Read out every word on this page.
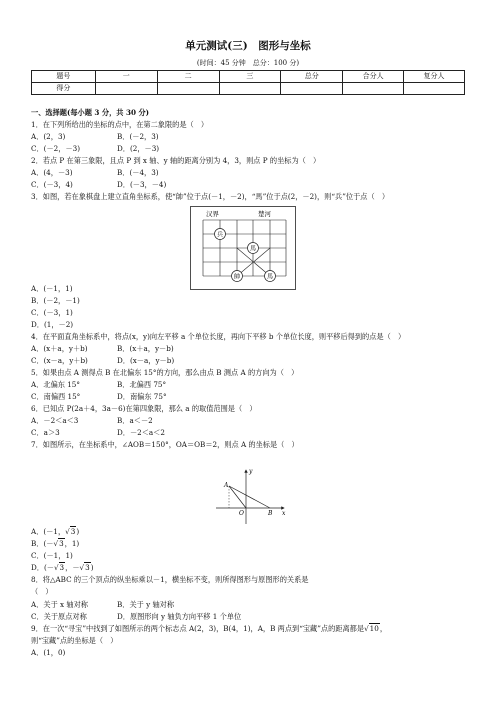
单元测试(三)　图形与坐标
(时间：45 分钟　总分：100 分)
题号	一	二	三	总分	合分人	复分人
得分						
一、选择题(每小题 3 分，共 30 分)
1．在下列所给出的坐标的点中，在第二象限的是（　）
A．(2，3)	B．(－2，3)
C．(－2，－3)	D．(2，－3)
2．若点 P 在第三象限，且点 P 到 x 轴、y 轴的距离分别为 4，3，则点 P 的坐标为（　）
A．(4，－3)	B．(－4，3)
C．(－3，4)	D．(－3，－4)
3．如图，若在象棋盘上建立直角坐标系，使“帥”位于点(－1，－2)，“馬”位于点(2，－2)，则“兵”位于点（　）
汉界	楚河
兵
馬
帥	馬
A．(－1，1)
B．(－2，－1)
C．(－3，1)
D．(1，－2)
4．在平面直角坐标系中，将点(x，y)向左平移 a 个单位长度，再向下平移 b 个单位长度，则平移后得到的点是（　）
A．(x＋a，y＋b)	B．(x＋a，y－b)
C．(x－a，y＋b)	D．(x－a，y－b)
5．如果由点 A 测得点 B 在北偏东 15°的方向，那么由点 B 测点 A 的方向为（　）
A．北偏东 15°	B．北偏西 75°
C．南偏西 15°	D．南偏东 75°
6．已知点 P(2a＋4，3a－6)在第四象限，那么 a 的取值范围是（　）
A．－2＜a＜3	B．a＜－2
C．a＞3	D．－2＜a＜2
7．如图所示，在坐标系中，∠AOB＝150°，OA＝OB＝2，则点 A 的坐标是（　）
A
O	B x
y
A．(－1，√3)
B．(－√3，1)
C．(－1，1)
D．(－√3，－√3)
8．将△ABC 的三个顶点的纵坐标乘以－1，横坐标不变，则所得图形与原图形的关系是
（　）
A．关于 x 轴对称	B．关于 y 轴对称
C．关于原点对称	D．原图形向 y 轴负方向平移 1 个单位
9．在一次“寻宝”中找到了如图所示的两个标志点 A(2，3)，B(4，1)，A，B 两点到“宝藏”点的距离都是√10，
则“宝藏”点的坐标是（　）
A．(1，0)
